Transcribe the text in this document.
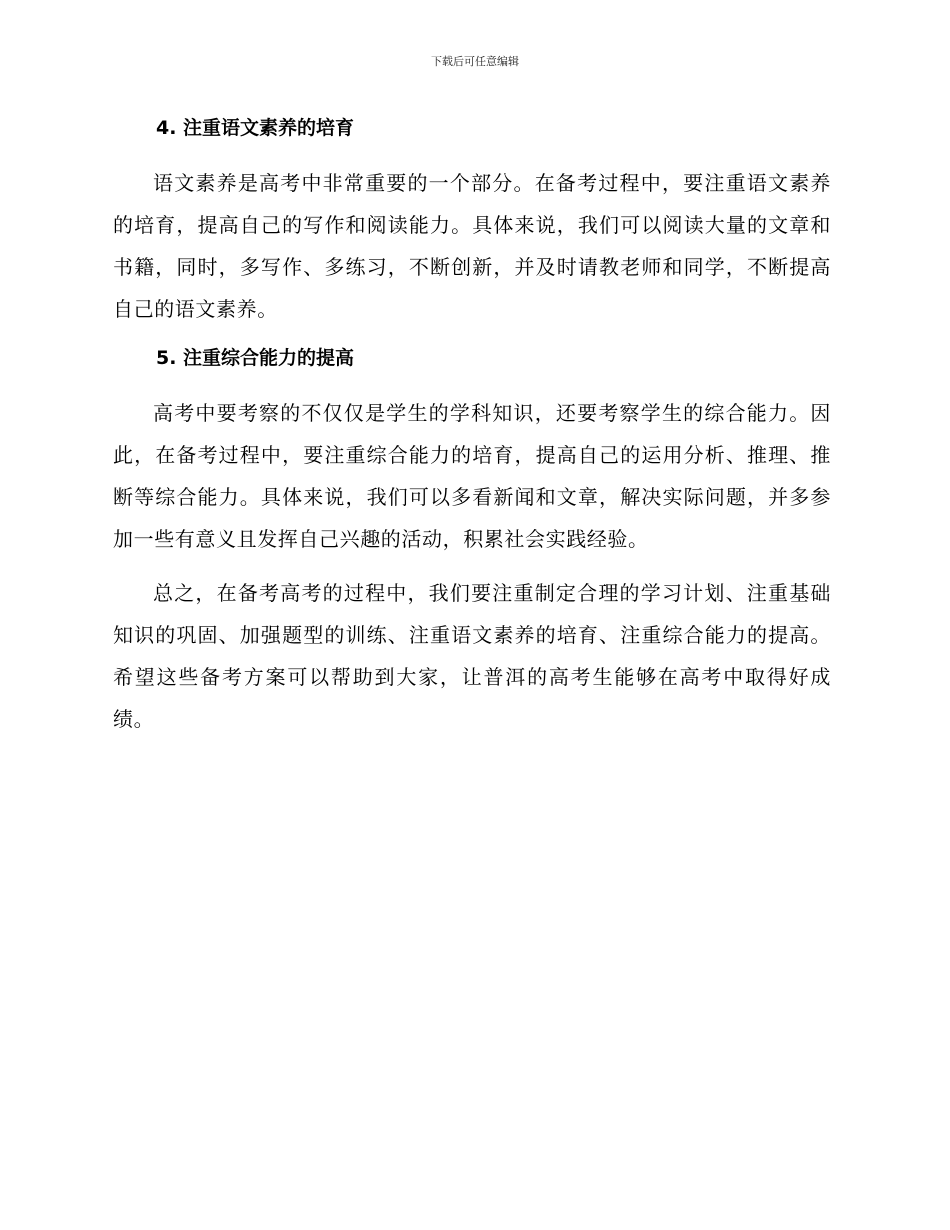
下载后可任意编辑
4. 注重语文素养的培育

语文素养是高考中非常重要的一个部分。在备考过程中，要注重语文素养的培育，提高自己的写作和阅读能力。具体来说，我们可以阅读大量的文章和书籍，同时，多写作、多练习，不断创新，并及时请教老师和同学，不断提高自己的语文素养。

5. 注重综合能力的提高

高考中要考察的不仅仅是学生的学科知识，还要考察学生的综合能力。因此，在备考过程中，要注重综合能力的培育，提高自己的运用分析、推理、推断等综合能力。具体来说，我们可以多看新闻和文章，解决实际问题，并多参加一些有意义且发挥自己兴趣的活动，积累社会实践经验。

总之，在备考高考的过程中，我们要注重制定合理的学习计划、注重基础知识的巩固、加强题型的训练、注重语文素养的培育、注重综合能力的提高。希望这些备考方案可以帮助到大家，让普洱的高考生能够在高考中取得好成绩。
